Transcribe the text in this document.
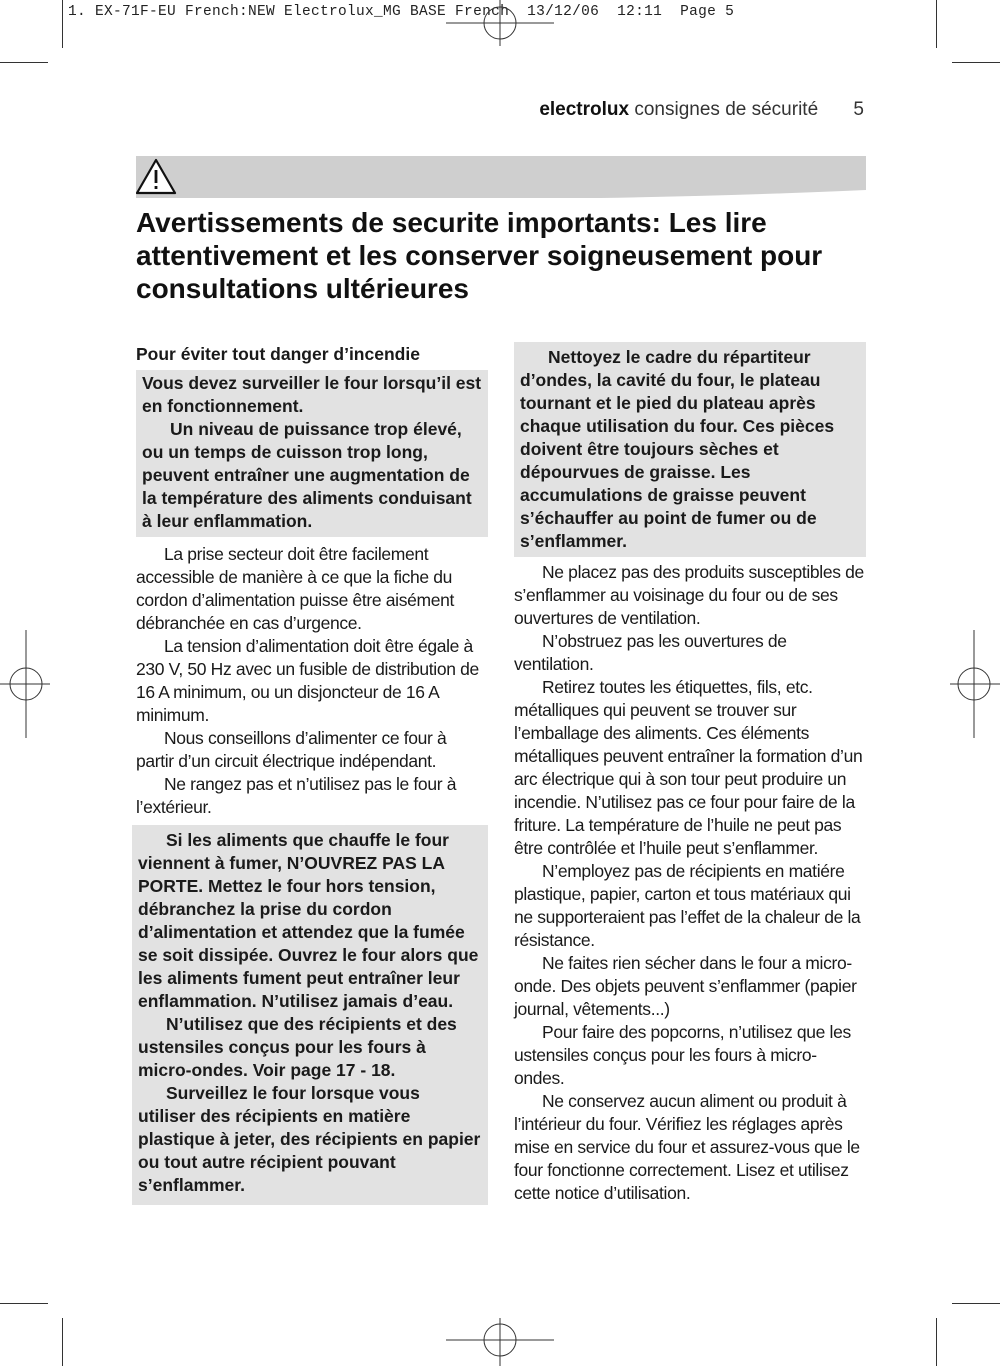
1. EX-71F-EU French:NEW Electrolux_MG BASE French  13/12/06  12:11  Page 5
electrolux consignes de sécurité 5
Avertissements de securite importants: Les lire attentivement et les conserver soigneusement pour consultations ultérieures
Pour éviter tout danger d’incendie

Vous devez surveiller le four lorsqu’il est en fonctionnement.

Un niveau de puissance trop élevé, ou un temps de cuisson trop long, peuvent entraîner une augmentation de la température des aliments conduisant à leur enflammation.

La prise secteur doit être facilement accessible de manière à ce que la fiche du cordon d’alimentation puisse être aisément débranchée en cas d’urgence.

La tension d’alimentation doit être égale à 230 V, 50 Hz avec un fusible de distribution de 16 A minimum, ou un disjoncteur de 16 A minimum.

Nous conseillons d’alimenter ce four à partir d’un circuit électrique indépendant.

Ne rangez pas et n’utilisez pas le four à l’extérieur.

Si les aliments que chauffe le four viennent à fumer, N’OUVREZ PAS LA PORTE. Mettez le four hors tension, débranchez la prise du cordon d’alimentation et attendez que la fumée se soit dissipée. Ouvrez le four alors que les aliments fument peut entraîner leur enflammation. N’utilisez jamais d’eau.

N’utilisez que des récipients et des ustensiles conçus pour les fours à micro-ondes. Voir page 17 - 18.

Surveillez le four lorsque vous utiliser des récipients en matière plastique à jeter, des récipients en papier ou tout autre récipient pouvant s’enflammer.

Nettoyez le cadre du répartiteur d’ondes, la cavité du four, le plateau tournant et le pied du plateau après chaque utilisation du four. Ces pièces doivent être toujours sèches et dépourvues de graisse. Les accumulations de graisse peuvent s’échauffer au point de fumer ou de s’enflammer.

Ne placez pas des produits susceptibles de s’enflammer au voisinage du four ou de ses ouvertures de ventilation.

N’obstruez pas les ouvertures de ventilation.

Retirez toutes les étiquettes, fils, etc. métalliques qui peuvent se trouver sur l’emballage des aliments. Ces éléments métalliques peuvent entraîner la formation d’un arc électrique qui à son tour peut produire un incendie. N’utilisez pas ce four pour faire de la friture. La température de l’huile ne peut pas être contrôlée et l’huile peut s’enflammer.

N’employez pas de récipients en matiére plastique, papier, carton et tous matériaux qui ne supporteraient pas l’effet de la chaleur de la résistance.

Ne faites rien sécher dans le four a micro-onde. Des objets peuvent s’enflammer (papier journal, vêtements...)

Pour faire des popcorns, n’utilisez que les ustensiles conçus pour les fours à micro-ondes.

Ne conservez aucun aliment ou produit à l’intérieur du four. Vérifiez les réglages après mise en service du four et assurez-vous que le four fonctionne correctement. Lisez et utilisez cette notice d’utilisation.
